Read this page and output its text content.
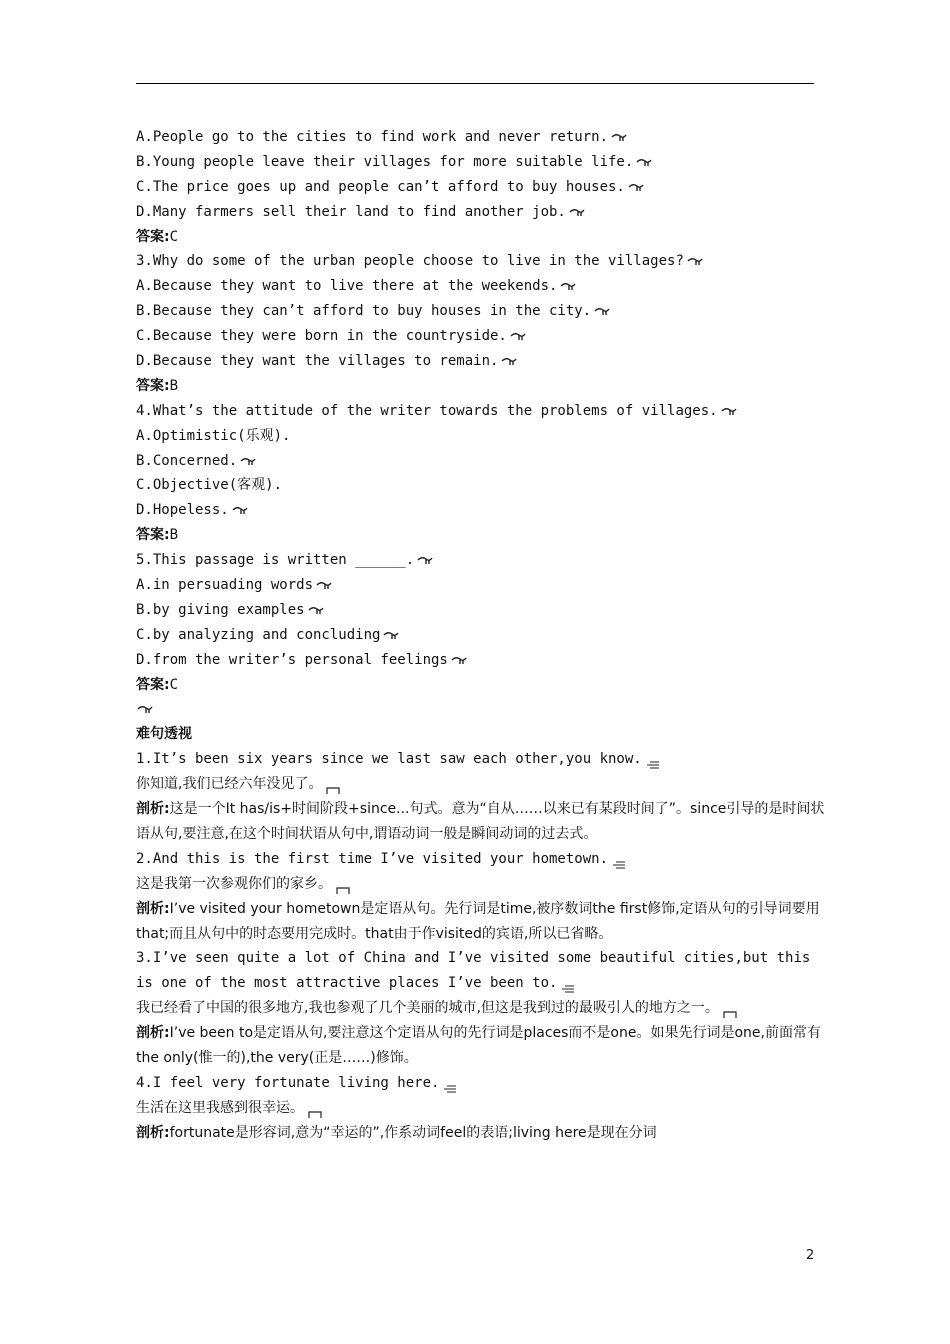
A.People go to the cities to find work and never return.
B.Young people leave their villages for more suitable life.
C.The price goes up and people can’t afford to buy houses.
D.Many farmers sell their land to find another job.
答案:C
3.Why do some of the urban people choose to live in the villages?
A.Because they want to live there at the weekends.
B.Because they can’t afford to buy houses in the city.
C.Because they were born in the countryside.
D.Because they want the villages to remain.
答案:B
4.What’s the attitude of the writer towards the problems of villages.
A.Optimistic(乐观).
B.Concerned.
C.Objective(客观).
D.Hopeless.
答案:B
5.This passage is written ______.
A.in persuading words
B.by giving examples
C.by analyzing and concluding
D.from the writer’s personal feelings
答案:C
难句透视
1.It’s been six years since we last saw each other,you know.
你知道,我们已经六年没见了。
剖析:这是一个It has/is+时间阶段+since...句式。意为“自从……以来已有某段时间了”。since引导的是时间状语从句,要注意,在这个时间状语从句中,谓语动词一般是瞬间动词的过去式。
2.And this is the first time I’ve visited your hometown.
这是我第一次参观你们的家乡。
剖析:I’ve visited your hometown是定语从句。先行词是time,被序数词the first修饰,定语从句的引导词要用that;而且从句中的时态要用完成时。that由于作visited的宾语,所以已省略。
3.I’ve seen quite a lot of China and I’ve visited some beautiful cities,but this is one of the most attractive places I’ve been to.
我已经看了中国的很多地方,我也参观了几个美丽的城市,但这是我到过的最吸引人的地方之一。
剖析:I’ve been to是定语从句,要注意这个定语从句的先行词是places而不是one。如果先行词是one,前面常有the only(惟一的),the very(正是……)修饰。
4.I feel very fortunate living here.
生活在这里我感到很幸运。
剖析:fortunate是形容词,意为“幸运的”,作系动词feel的表语;living here是现在分词
2
